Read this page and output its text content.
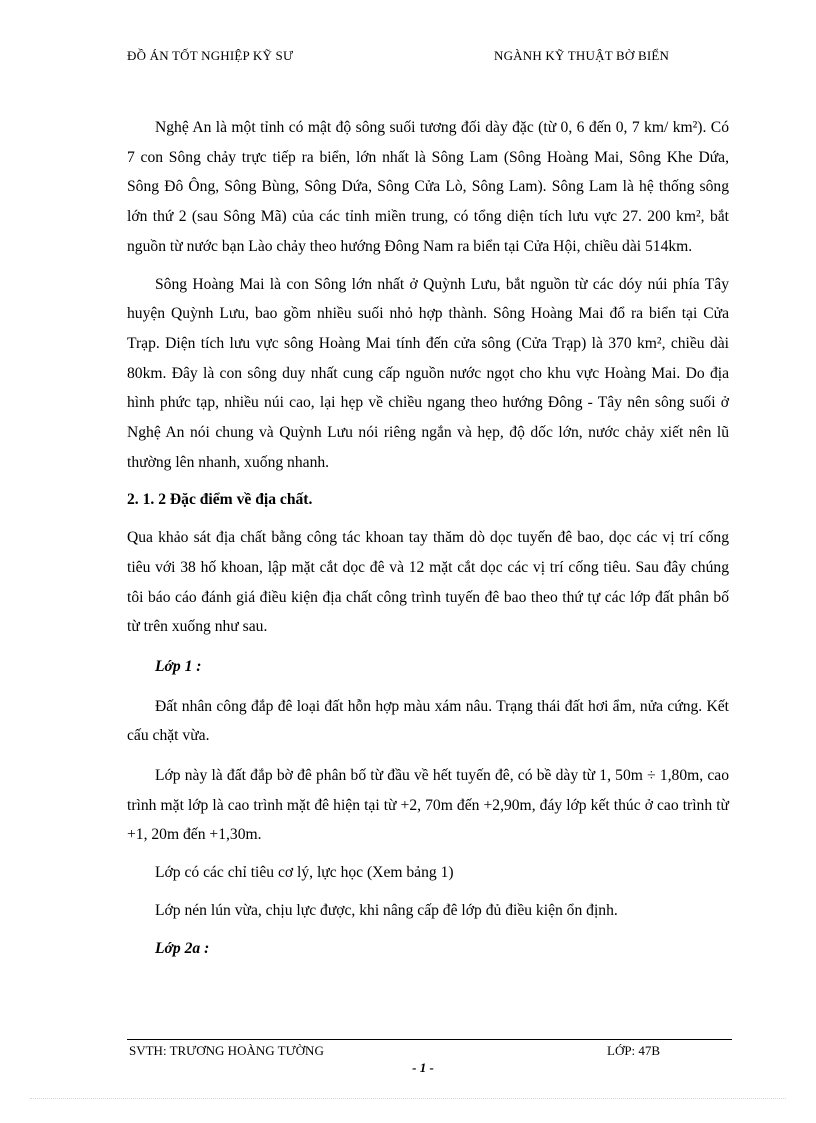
ĐỒ ÁN TỐT NGHIỆP KỸ SƯ	NGÀNH KỸ THUẬT BỜ BIỂN

Nghệ An là một tỉnh có mật độ sông suối tương đối dày đặc (từ 0, 6 đến 0, 7 km/ km²). Có 7 con Sông chảy trực tiếp ra biển, lớn nhất là Sông Lam (Sông Hoàng Mai, Sông Khe Dứa, Sông Đô Ông, Sông Bùng, Sông Dứa, Sông Cửa Lò, Sông Lam). Sông Lam là hệ thống sông lớn thứ 2 (sau Sông Mã) của các tỉnh miền trung, có tổng diện tích lưu vực 27. 200 km², bắt nguồn từ nước bạn Lào chảy theo hướng Đông Nam ra biển tại Cửa Hội, chiều dài 514km.

Sông Hoàng Mai là con Sông lớn nhất ở Quỳnh Lưu, bắt nguồn từ các dóy núi phía Tây huyện Quỳnh Lưu, bao gồm nhiều suối nhỏ hợp thành. Sông Hoàng Mai đổ ra biển tại Cửa Trạp. Diện tích lưu vực sông Hoàng Mai tính đến cửa sông (Cửa Trạp) là 370 km², chiều dài 80km. Đây là con sông duy nhất cung cấp nguồn nước ngọt cho khu vực Hoàng Mai. Do địa hình phức tạp, nhiều núi cao, lại hẹp về chiều ngang theo hướng Đông - Tây nên sông suối ở Nghệ An nói chung và Quỳnh Lưu nói riêng ngắn và hẹp, độ dốc lớn, nước chảy xiết nên lũ thường lên nhanh, xuống nhanh.

2. 1. 2 Đặc điểm về địa chất.

Qua khảo sát địa chất bằng công tác khoan tay thăm dò dọc tuyến đê bao, dọc các vị trí cống tiêu với 38 hố khoan, lập mặt cắt dọc đê và 12 mặt cắt dọc các vị trí cống tiêu. Sau đây chúng tôi báo cáo đánh giá điều kiện địa chất công trình tuyến đê bao theo thứ tự các lớp đất phân bố từ trên xuống như sau.

Lớp 1 :

Đất nhân công đắp đê loại đất hỗn hợp màu xám nâu. Trạng thái đất hơi ẩm, nửa cứng. Kết cấu chặt vừa.

Lớp này là đất đắp bờ đê phân bố từ đầu về hết tuyến đê, có bề dày từ 1, 50m ÷ 1,80m, cao trình mặt lớp là cao trình mặt đê hiện tại từ +2, 70m đến +2,90m, đáy lớp kết thúc ở cao trình từ +1, 20m đến +1,30m.

Lớp có các chỉ tiêu cơ lý, lực học (Xem bảng 1)

Lớp nén lún vừa, chịu lực được, khi nâng cấp đê lớp đủ điều kiện ổn định.

Lớp 2a :

SVTH: TRƯƠNG HOÀNG TƯỜNG	LỚP: 47B
- 1 -
